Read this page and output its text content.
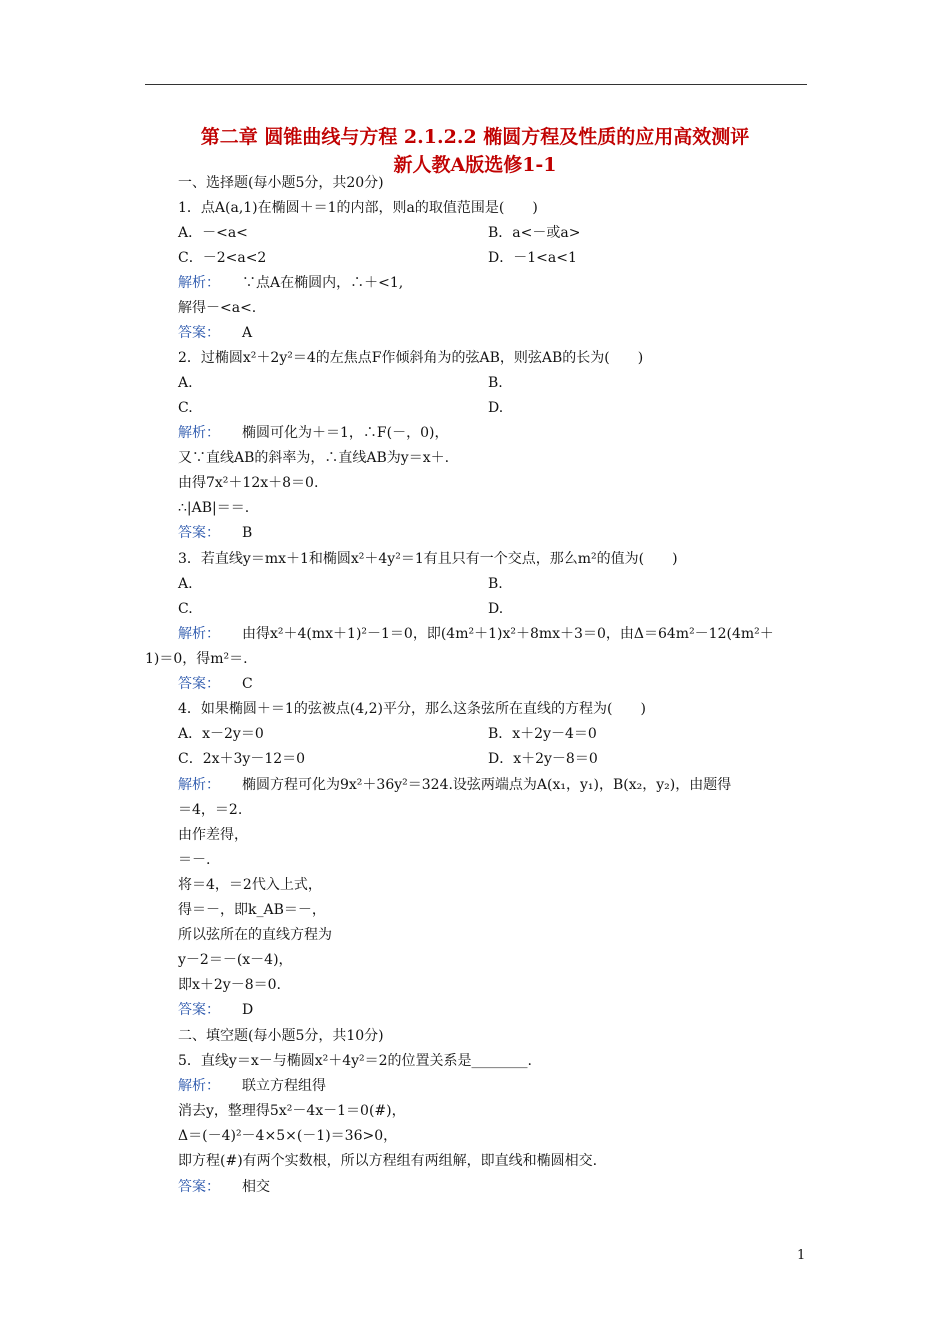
第二章 圆锥曲线与方程 2.1.2.2 椭圆方程及性质的应用高效测评
新人教A版选修1-1
一、选择题(每小题5分，共20分)
1．点A(a,1)在椭圆＋＝1的内部，则a的取值范围是(　　)
A．－<a<	B．a<－或a>
C．－2<a<2	D．－1<a<1
解析： ∵点A在椭圆内，∴＋<1,
解得－<a<.
答案： A
2．过椭圆x²＋2y²＝4的左焦点F作倾斜角为的弦AB，则弦AB的长为(　　)
A.	B.
C.	D.
解析： 椭圆可化为＋＝1，∴F(－，0)，
又∵直线AB的斜率为，∴直线AB为y＝x＋.
由得7x²＋12x＋8＝0.
∴|AB|＝＝.
答案： B
3．若直线y＝mx＋1和椭圆x²＋4y²＝1有且只有一个交点，那么m²的值为(　　)
A.	B.
C.	D.
解析： 由得x²＋4(mx＋1)²－1＝0，即(4m²＋1)x²＋8mx＋3＝0，由Δ＝64m²－12(4m²＋
1)＝0，得m²＝.
答案： C
4．如果椭圆＋＝1的弦被点(4,2)平分，那么这条弦所在直线的方程为(　　)
A．x－2y＝0	B．x＋2y－4＝0
C．2x＋3y－12＝0	D．x＋2y－8＝0
解析： 椭圆方程可化为9x²＋36y²＝324.设弦两端点为A(x₁，y₁)，B(x₂，y₂)，由题得
＝4，＝2.
由作差得，
＝－.
将＝4，＝2代入上式，
得＝－，即k_AB＝－，
所以弦所在的直线方程为
y－2＝－(x－4)，
即x＋2y－8＝0.
答案： D
二、填空题(每小题5分，共10分)
5．直线y＝x－与椭圆x²＋4y²＝2的位置关系是________.
解析： 联立方程组得
消去y，整理得5x²－4x－1＝0(#)，
Δ＝(－4)²－4×5×(－1)＝36>0，
即方程(#)有两个实数根，所以方程组有两组解，即直线和椭圆相交.
答案： 相交
1
